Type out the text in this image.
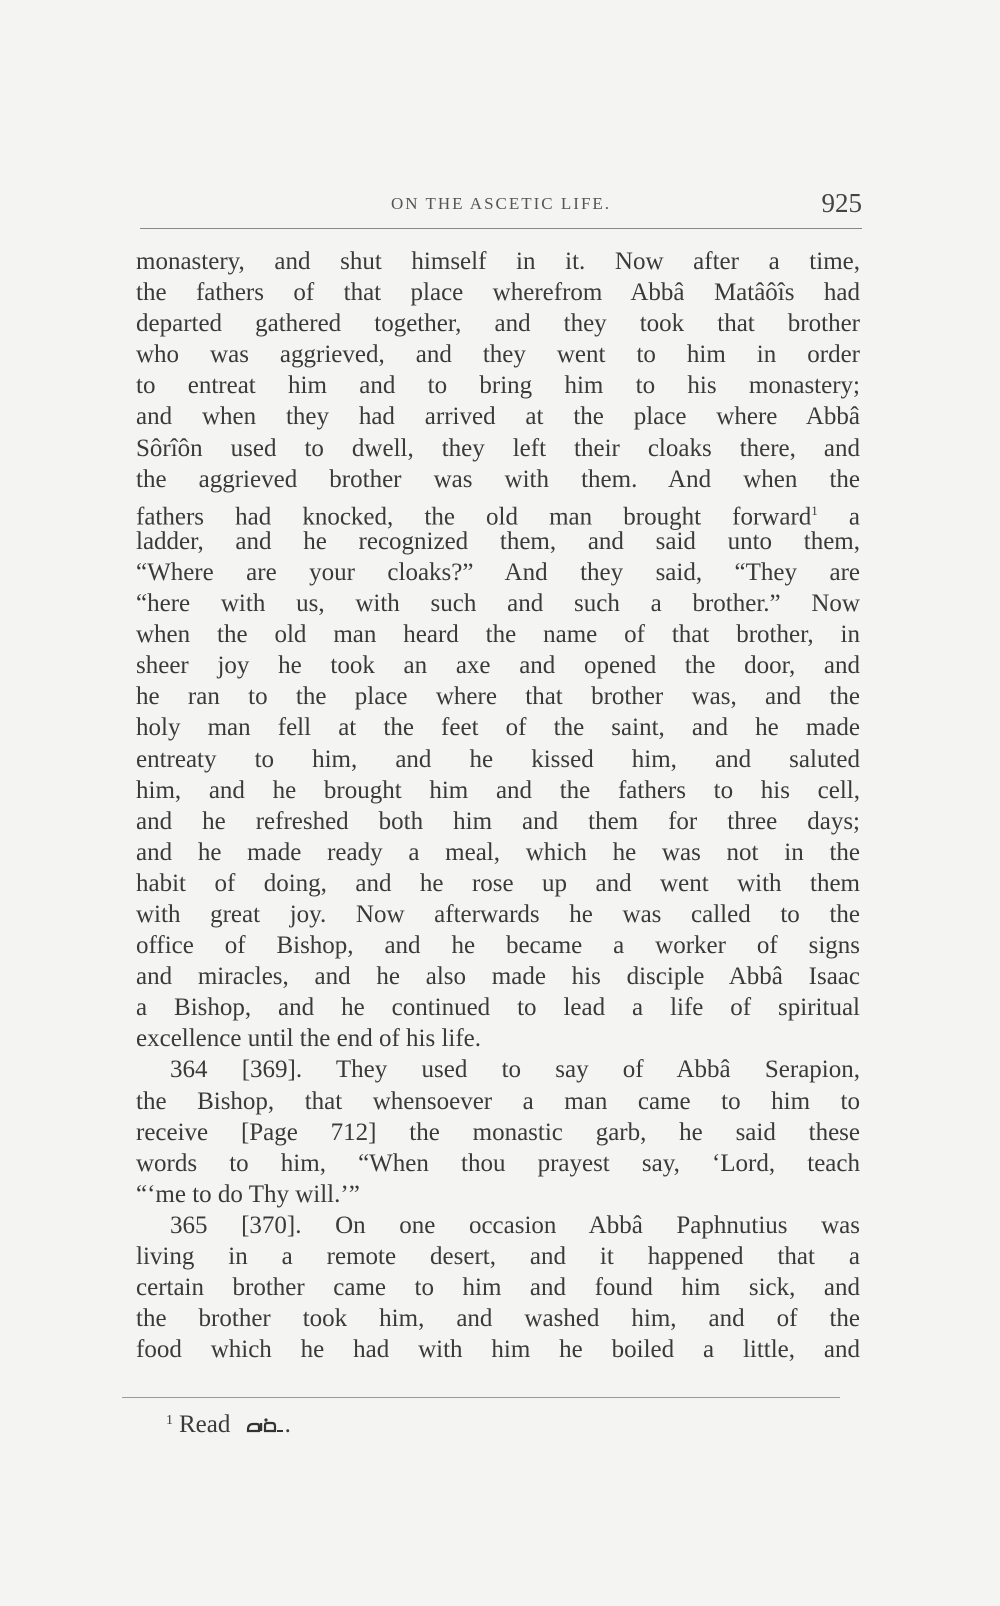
ON THE ASCETIC LIFE.	925
monastery, and shut himself in it. Now after a time,
the fathers of that place wherefrom Abbâ Matâôîs had
departed gathered together, and they took that brother
who was aggrieved, and they went to him in order
to entreat him and to bring him to his monastery;
and when they had arrived at the place where Abbâ
Sôrîôn used to dwell, they left their cloaks there, and
the aggrieved brother was with them. And when the
fathers had knocked, the old man brought forward$^1$ a
ladder, and he recognized them, and said unto them,
“Where are your cloaks?” And they said, “They are
“here with us, with such and such a brother.” Now
when the old man heard the name of that brother, in
sheer joy he took an axe and opened the door, and
he ran to the place where that brother was, and the
holy man fell at the feet of the saint, and he made
entreaty to him, and he kissed him, and saluted
him, and he brought him and the fathers to his cell,
and he refreshed both him and them for three days;
and he made ready a meal, which he was not in the
habit of doing, and he rose up and went with them
with great joy. Now afterwards he was called to the
office of Bishop, and he became a worker of signs
and miracles, and he also made his disciple Abbâ Isaac
a Bishop, and he continued to lead a life of spiritual
excellence until the end of his life.
364 [369]. They used to say of Abbâ Serapion,
the Bishop, that whensoever a man came to him to
receive [Page 712] the monastic garb, he said these
words to him, “When thou prayest say, ‘Lord, teach
“‘me to do Thy will.’”
365 [370]. On one occasion Abbâ Paphnutius was
living in a remote desert, and it happened that a
certain brother came to him and found him sick, and
the brother took him, and washed him, and of the
food which he had with him he boiled a little, and
$^1$ Read .
